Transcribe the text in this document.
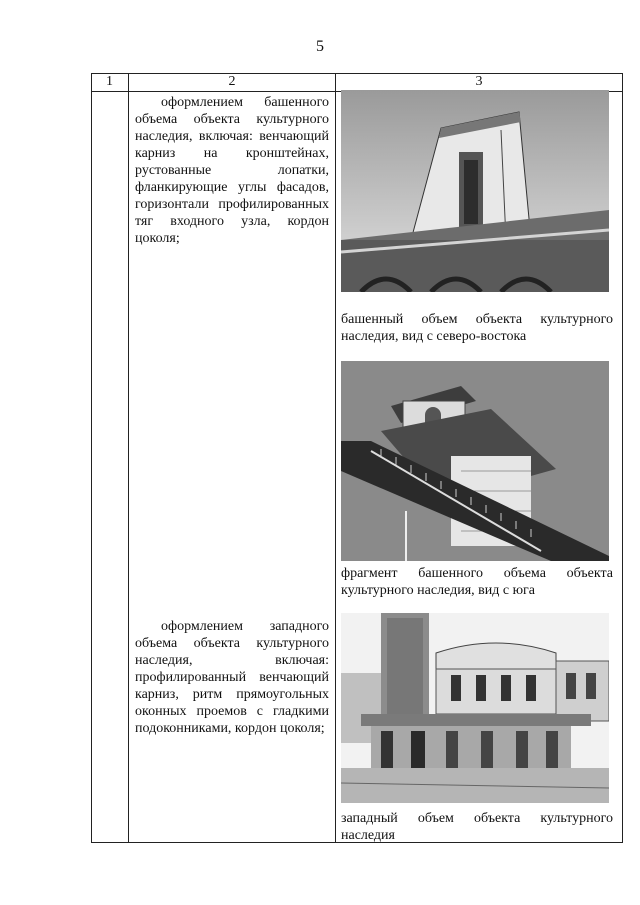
5
1	2	3

оформлением башенного объема объекта культурного наследия, включая: венчающий карниз на кронштейнах, рустованные лопатки, фланкирующие углы фасадов, горизонтали профилированных тяг входного узла, кордон цоколя;

оформлением западного объема объекта культурного наследия, включая: профилированный венчающий карниз, ритм прямоугольных оконных проемов с гладкими подоконниками, кордон цоколя;

башенный объем объекта культурного наследия, вид с северо-востока
фрагмент башенного объема объекта культурного наследия, вид с юга
западный объем объекта культурного наследия
